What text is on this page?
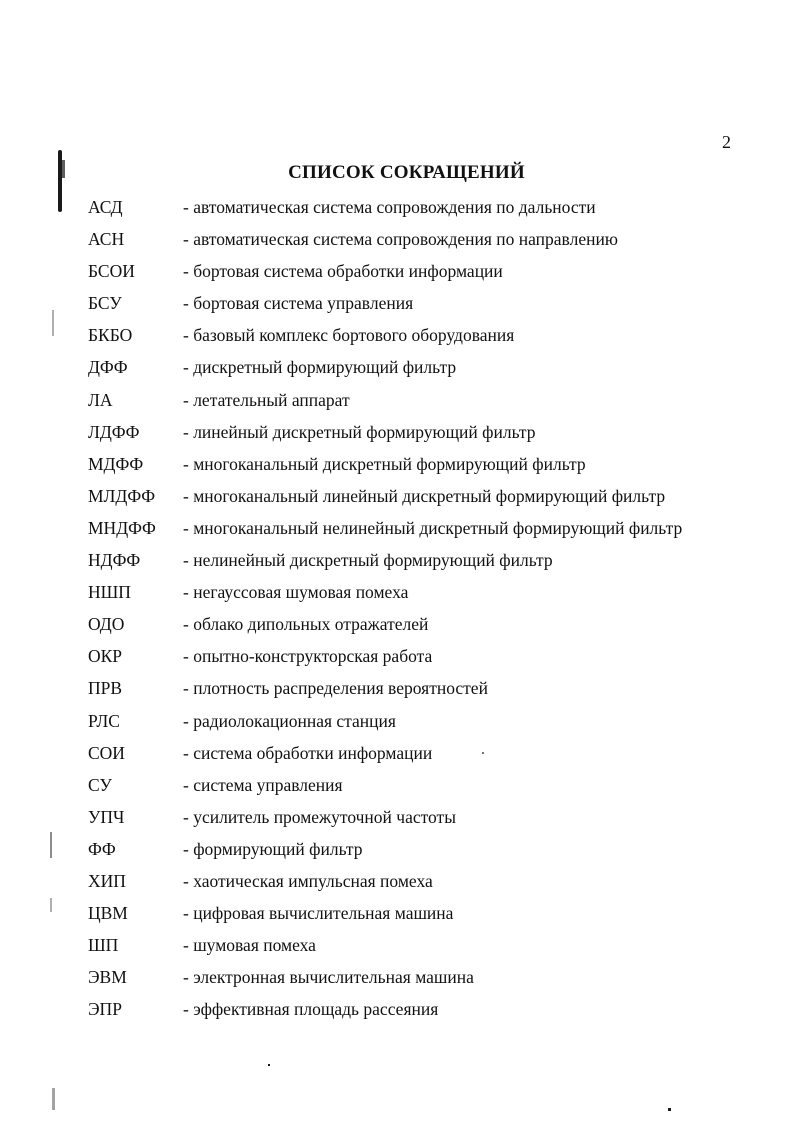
2
СПИСОК СОКРАЩЕНИЙ
АСД	- автоматическая система сопровождения по дальности
АСН	- автоматическая система сопровождения по направлению
БСОИ	- бортовая система обработки информации
БСУ	- бортовая система управления
БКБО	- базовый комплекс бортового оборудования
ДФФ	- дискретный формирующий фильтр
ЛА	- летательный аппарат
ЛДФФ	- линейный дискретный формирующий фильтр
МДФФ	- многоканальный дискретный формирующий фильтр
МЛДФФ	- многоканальный линейный дискретный формирующий фильтр
МНДФФ	- многоканальный нелинейный дискретный формирующий фильтр
НДФФ	- нелинейный дискретный формирующий фильтр
НШП	- негауссовая шумовая помеха
ОДО	- облако дипольных отражателей
ОКР	- опытно-конструкторская работа
ПРВ	- плотность распределения вероятностей
РЛС	- радиолокационная станция
СОИ	- система обработки информации
СУ	- система управления
УПЧ	- усилитель промежуточной частоты
ФФ	- формирующий фильтр
ХИП	- хаотическая импульсная помеха
ЦВМ	- цифровая вычислительная машина
ШП	- шумовая помеха
ЭВМ	- электронная вычислительная машина
ЭПР	- эффективная площадь рассеяния
